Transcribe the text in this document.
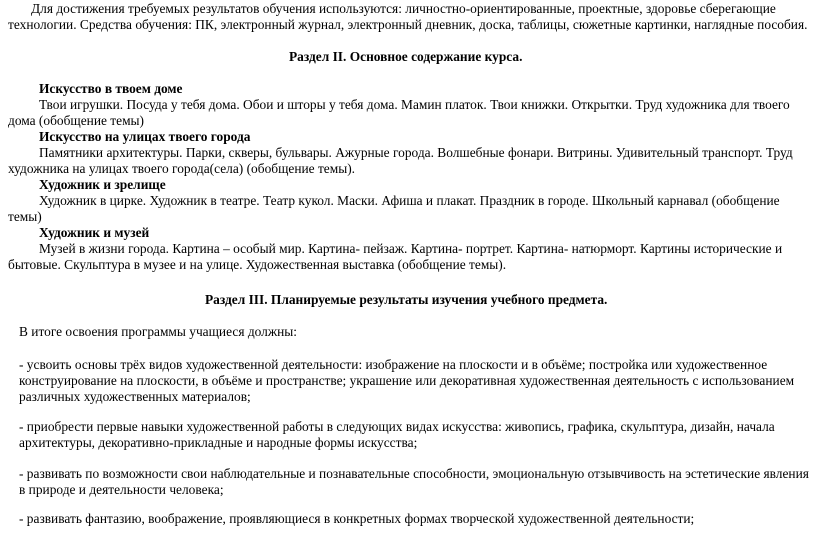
Для достижения требуемых результатов обучения используются: личностно-ориентированные, проектные, здоровье сберегающие
технологии. Средства обучения: ПК, электронный журнал, электронный дневник, доска, таблицы, сюжетные картинки, наглядные пособия.
Раздел II. Основное содержание курса.
Искусство в твоем доме
Твои игрушки. Посуда у тебя дома. Обои и шторы у тебя дома. Мамин платок. Твои книжки. Открытки. Труд художника для твоего
дома (обобщение темы)
Искусство на улицах твоего города
Памятники архитектуры. Парки, скверы, бульвары. Ажурные города. Волшебные фонари. Витрины. Удивительный транспорт. Труд
художника на улицах твоего города(села) (обобщение темы).
Художник и зрелище
Художник в цирке. Художник в театре. Театр кукол. Маски. Афиша и плакат. Праздник в городе. Школьный карнавал (обобщение
темы)
Художник и музей
Музей в жизни города. Картина – особый мир. Картина- пейзаж. Картина- портрет. Картина- натюрморт. Картины исторические и
бытовые. Скульптура в музее и на улице. Художественная выставка (обобщение темы).
Раздел III. Планируемые результаты изучения учебного предмета.
В итоге освоения программы учащиеся должны:
- усвоить основы трёх видов художественной деятельности: изображение на плоскости и в объёме; постройка или художественное
конструирование на плоскости, в объёме и пространстве; украшение или декоративная художественная деятельность с использованием
различных художественных материалов;
- приобрести первые навыки художественной работы в следующих видах искусства: живопись, графика, скульптура, дизайн, начала
архитектуры, декоративно-прикладные и народные формы искусства;
- развивать по возможности свои наблюдательные и познавательные способности, эмоциональную отзывчивость на эстетические явления
в природе и деятельности человека;
- развивать фантазию, воображение, проявляющиеся в конкретных формах творческой художественной деятельности;
